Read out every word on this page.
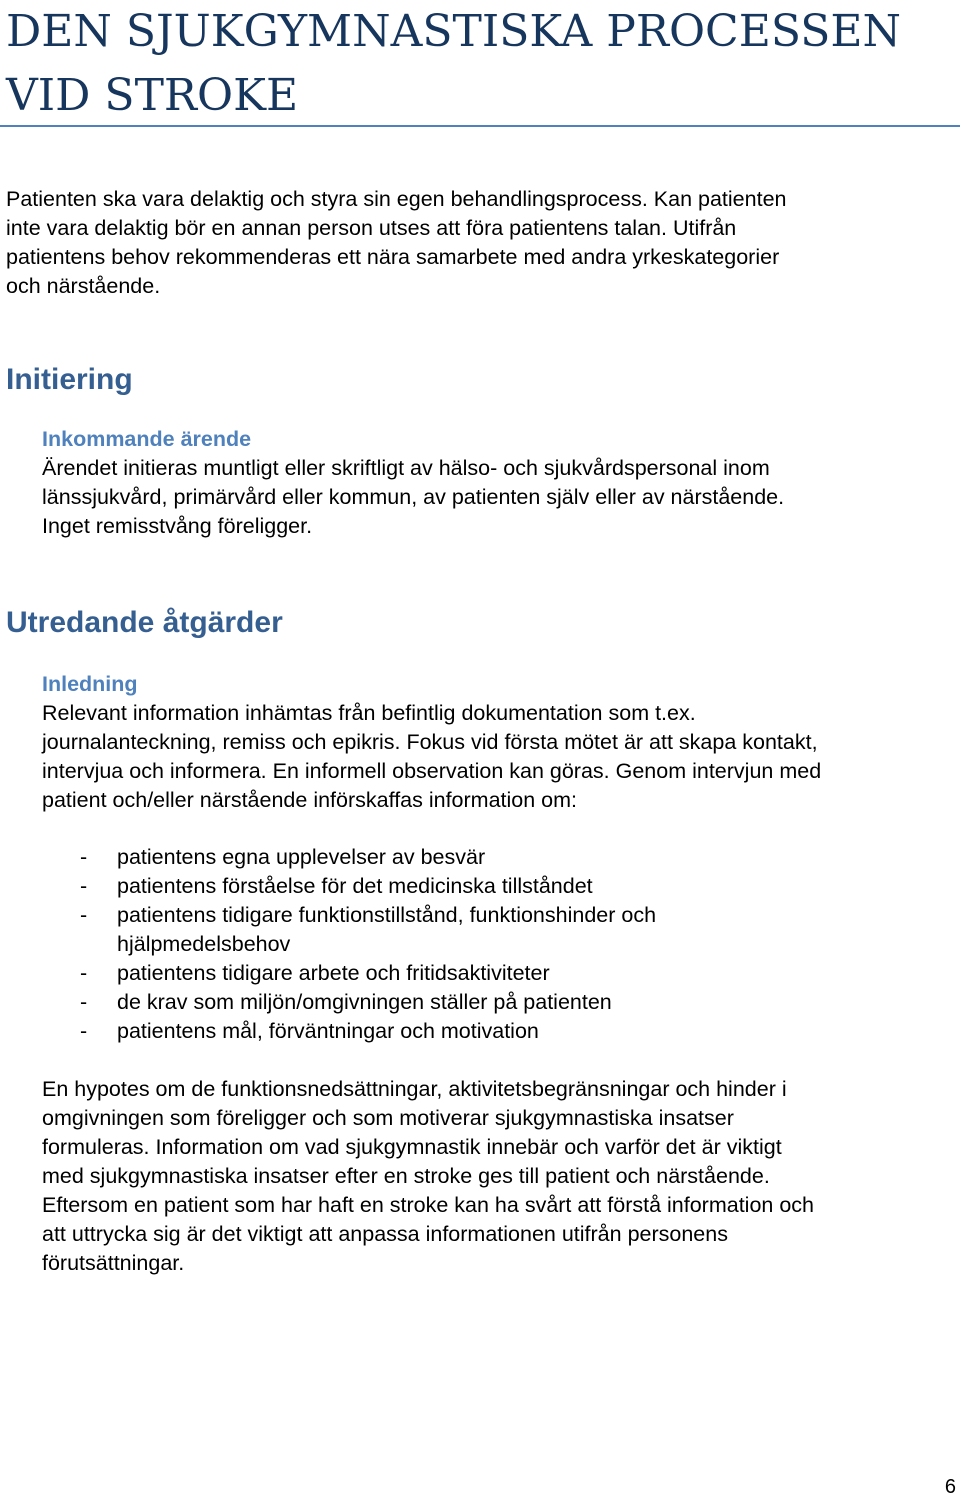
DEN SJUKGYMNASTISKA PROCESSEN
VID STROKE

Patienten ska vara delaktig och styra sin egen behandlingsprocess. Kan patienten
inte vara delaktig bör en annan person utses att föra patientens talan. Utifrån
patientens behov rekommenderas ett nära samarbete med andra yrkeskategorier
och närstående.

Initiering
Inkommande ärende

Ärendet initieras muntligt eller skriftligt av hälso- och sjukvårdspersonal inom
länssjukvård, primärvård eller kommun, av patienten själv eller av närstående.
Inget remisstvång föreligger.

Utredande åtgärder
Inledning

Relevant information inhämtas från befintlig dokumentation som t.ex.
journalanteckning, remiss och epikris. Fokus vid första mötet är att skapa kontakt,
intervjua och informera. En informell observation kan göras. Genom intervjun med
patient och/eller närstående införskaffas information om:

- patientens egna upplevelser av besvär
- patientens förståelse för det medicinska tillståndet
- patientens tidigare funktionstillstånd, funktionshinder och
hjälpmedelsbehov
- patientens tidigare arbete och fritidsaktiviteter
- de krav som miljön/omgivningen ställer på patienten
- patientens mål, förväntningar och motivation

En hypotes om de funktionsnedsättningar, aktivitetsbegränsningar och hinder i
omgivningen som föreligger och som motiverar sjukgymnastiska insatser
formuleras. Information om vad sjukgymnastik innebär och varför det är viktigt
med sjukgymnastiska insatser efter en stroke ges till patient och närstående.
Eftersom en patient som har haft en stroke kan ha svårt att förstå information och
att uttrycka sig är det viktigt att anpassa informationen utifrån personens
förutsättningar.

6
